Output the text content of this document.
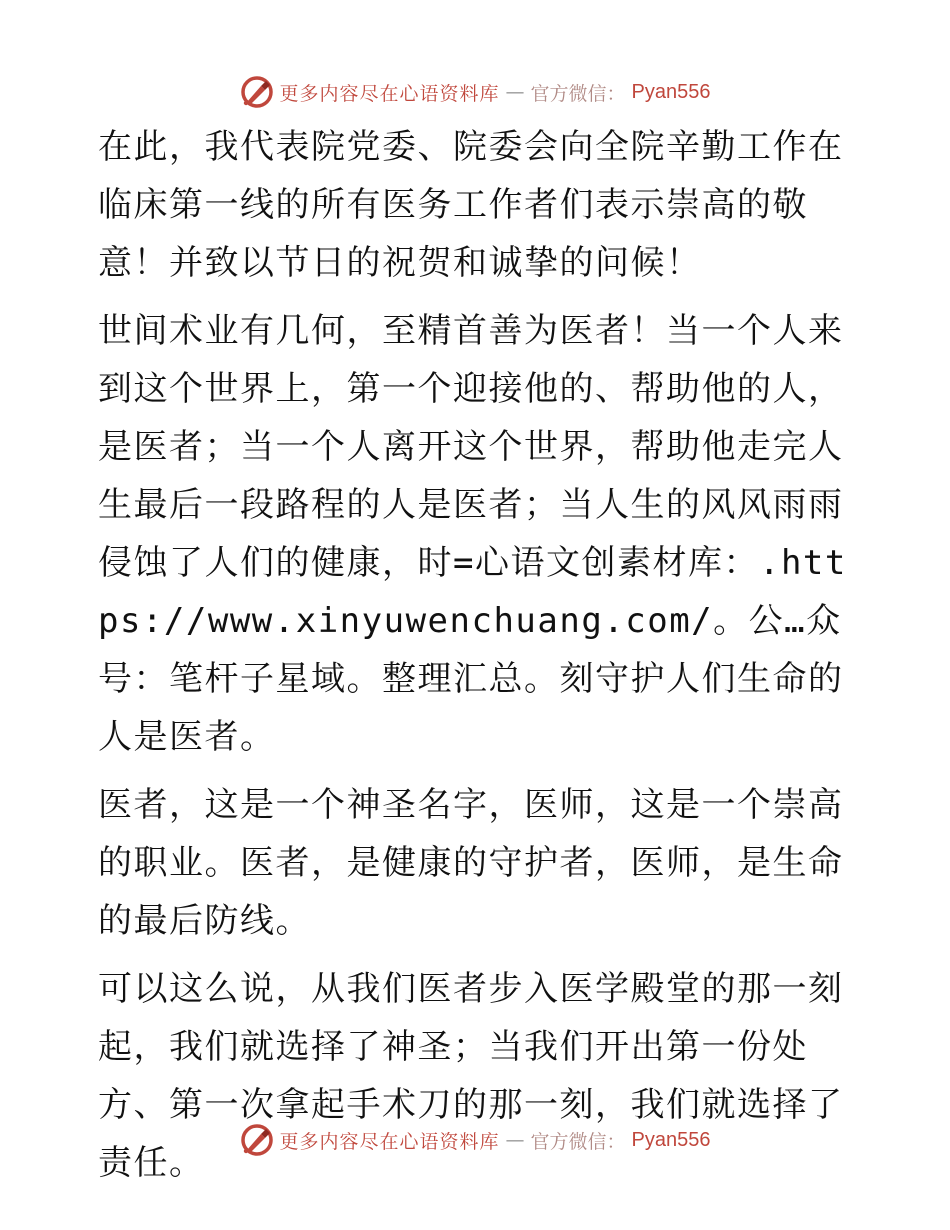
更多内容尽在心语资料库 — 官方微信： Pyan556

在此，我代表院党委、院委会向全院辛勤工作在临床第一线的所有医务工作者们表示崇高的敬意！并致以节日的祝贺和诚挚的问候！

世间术业有几何，至精首善为医者！当一个人来到这个世界上，第一个迎接他的、帮助他的人，是医者；当一个人离开这个世界，帮助他走完人生最后一段路程的人是医者；当人生的风风雨雨侵蚀了人们的健康，时=心语文创素材库：.https://www.xinyuwenchuang.com/。公…众号：笔杆子星域。整理汇总。刻守护人们生命的人是医者。

医者，这是一个神圣名字，医师，这是一个崇高的职业。医者，是健康的守护者，医师，是生命的最后防线。

可以这么说，从我们医者步入医学殿堂的那一刻起，我们就选择了神圣；当我们开出第一份处方、第一次拿起手术刀的那一刻，我们就选择了责任。

更多内容尽在心语资料库 — 官方微信： Pyan556
